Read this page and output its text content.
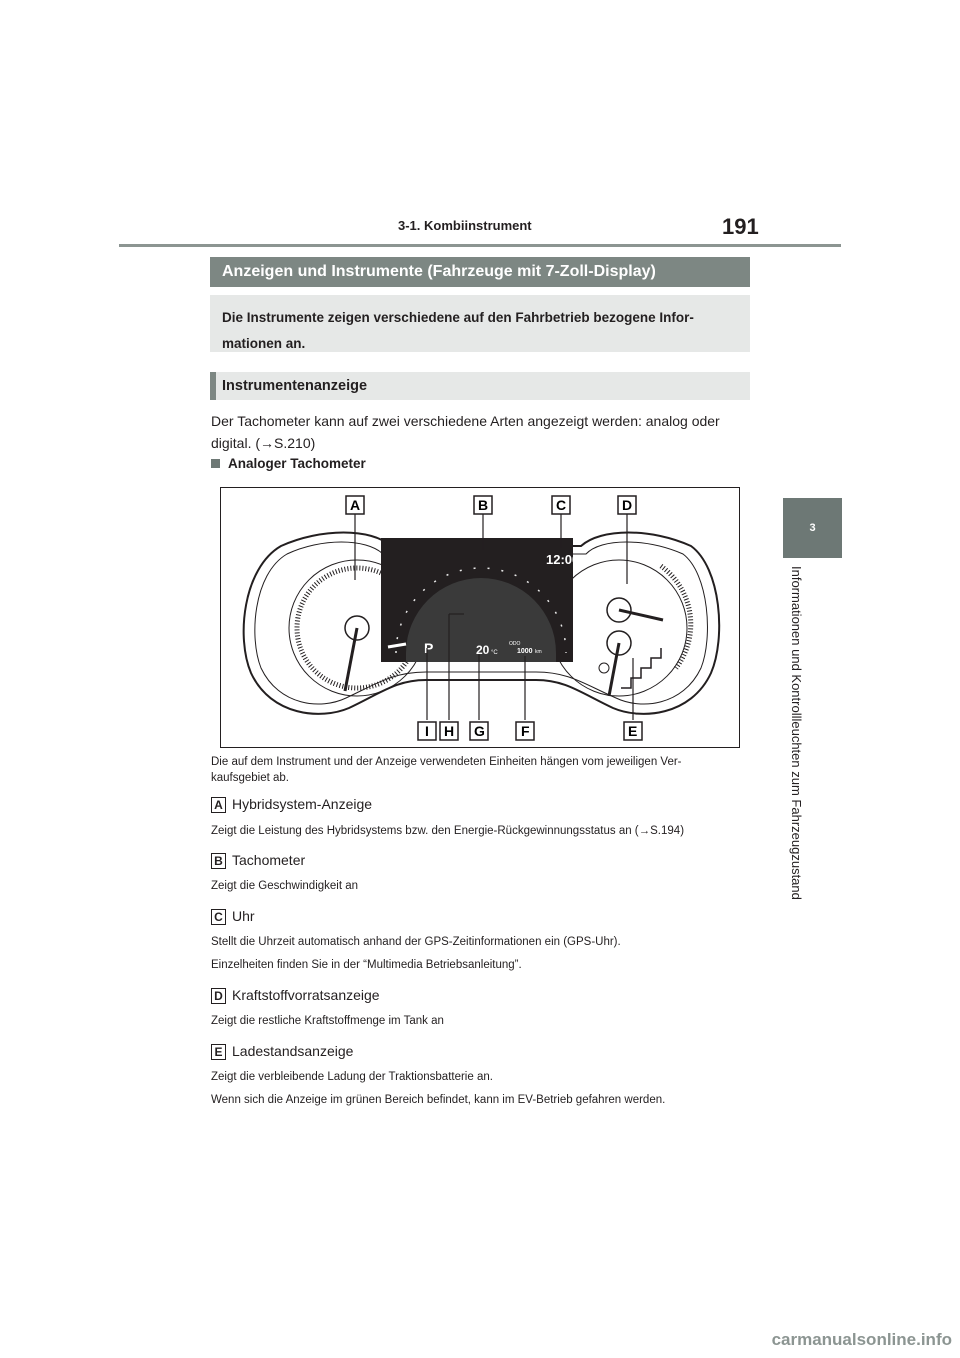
3-1. Kombiinstrument	191
3
Informationen und Kontrollleuchten zum Fahrzeugzustand
Anzeigen und Instrumente (Fahrzeuge mit 7-Zoll-Display)
Die Instrumente zeigen verschiedene auf den Fahrbetrieb bezogene Infor-
mationen an.
Instrumentenanzeige
Der Tachometer kann auf zwei verschiedene Arten angezeigt werden: analog oder
digital. (→S.210)
Analoger Tachometer
12:00
P	20 °C
ODO
1000 km
A	B	C	D
I H G	F	E
Die auf dem Instrument und der Anzeige verwendeten Einheiten hängen vom jeweiligen Ver-
kaufsgebiet ab.
A Hybridsystem-Anzeige
Zeigt die Leistung des Hybridsystems bzw. den Energie-Rückgewinnungsstatus an (→S.194)
B Tachometer
Zeigt die Geschwindigkeit an
C Uhr
Stellt die Uhrzeit automatisch anhand der GPS-Zeitinformationen ein (GPS-Uhr).
Einzelheiten finden Sie in der “Multimedia Betriebsanleitung”.
D Kraftstoffvorratsanzeige
Zeigt die restliche Kraftstoffmenge im Tank an
E Ladestandsanzeige
Zeigt die verbleibende Ladung der Traktionsbatterie an.
Wenn sich die Anzeige im grünen Bereich befindet, kann im EV-Betrieb gefahren werden.
carmanualsonline.info
